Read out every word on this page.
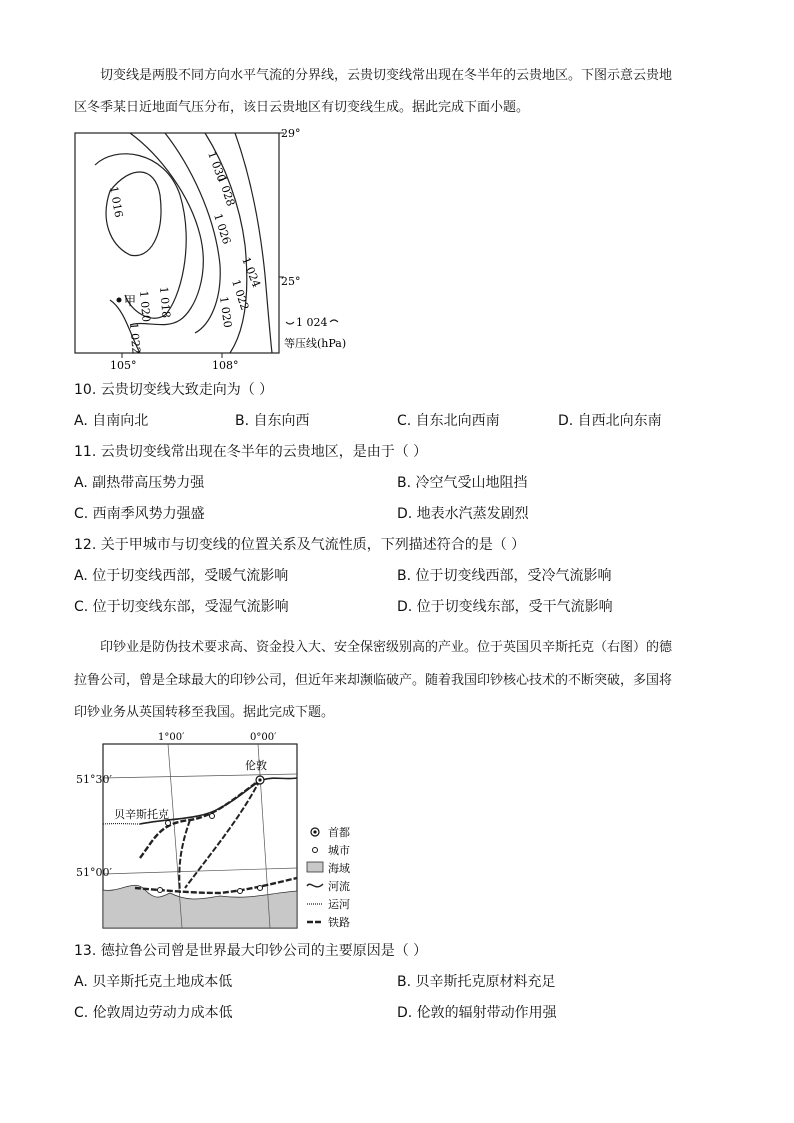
切变线是两股不同方向水平气流的分界线，云贵切变线常出现在冬半年的云贵地区。下图示意云贵地
区冬季某日近地面气压分布，该日云贵地区有切变线生成。据此完成下面小题。
1 030
1 028
1 026
1 024
1 022
1 020
1 016
1 020 1 018
1 022
甲
29°
25°
105°	108°
1 024
等压线(hPa)
10. 云贵切变线大致走向为（ ）
A. 自南向北	B. 自东向西	C. 自东北向西南	D. 自西北向东南
11. 云贵切变线常出现在冬半年的云贵地区，是由于（ ）
A. 副热带高压势力强	B. 冷空气受山地阻挡
C. 西南季风势力强盛	D. 地表水汽蒸发剧烈
12. 关于甲城市与切变线的位置关系及气流性质，下列描述符合的是（ ）
A. 位于切变线西部，受暖气流影响	B. 位于切变线西部，受冷气流影响
C. 位于切变线东部，受湿气流影响	D. 位于切变线东部，受干气流影响
印钞业是防伪技术要求高、资金投入大、安全保密级别高的产业。位于英国贝辛斯托克（右图）的德
拉鲁公司，曾是全球最大的印钞公司，但近年来却濒临破产。随着我国印钞核心技术的不断突破，多国将
印钞业务从英国转移至我国。据此完成下题。
伦敦
贝辛斯托克
1°00′	0°00′
首都
城市
海域
河流
运河
铁路
51°30′
51°00′
13. 德拉鲁公司曾是世界最大印钞公司的主要原因是（ ）
A. 贝辛斯托克土地成本低	B. 贝辛斯托克原材料充足
C. 伦敦周边劳动力成本低	D. 伦敦的辐射带动作用强
